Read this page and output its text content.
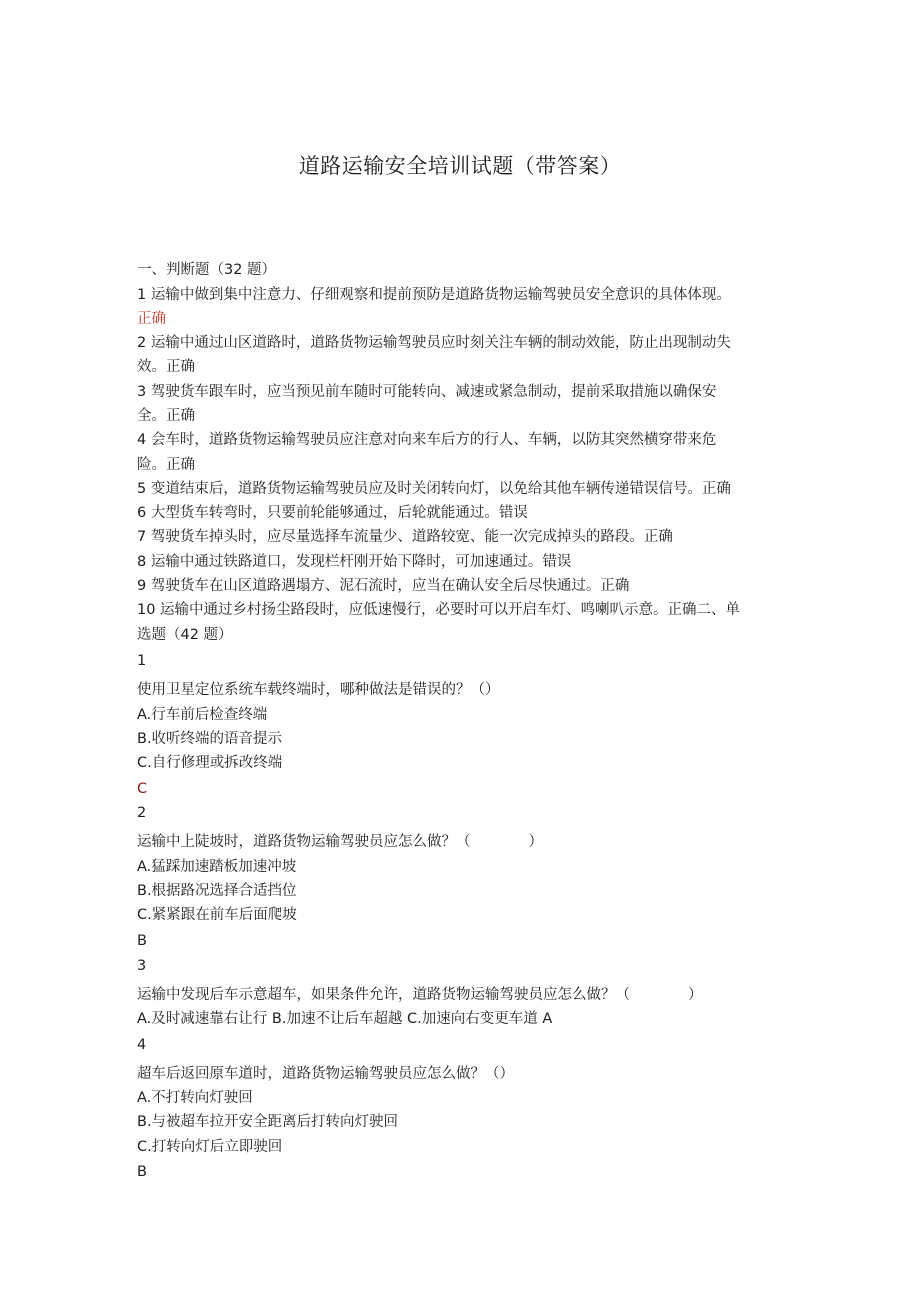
道路运输安全培训试题（带答案）
一、判断题（32 题）
1 运输中做到集中注意力、仔细观察和提前预防是道路货物运输驾驶员安全意识的具体体现。
正确
2 运输中通过山区道路时，道路货物运输驾驶员应时刻关注车辆的制动效能，防止出现制动失
效。正确
3 驾驶货车跟车时，应当预见前车随时可能转向、减速或紧急制动，提前采取措施以确保安
全。正确
4 会车时，道路货物运输驾驶员应注意对向来车后方的行人、车辆，以防其突然横穿带来危
险。正确
5 变道结束后，道路货物运输驾驶员应及时关闭转向灯，以免给其他车辆传递错误信号。正确
6 大型货车转弯时，只要前轮能够通过，后轮就能通过。错误
7 驾驶货车掉头时，应尽量选择车流量少、道路较宽、能一次完成掉头的路段。正确
8 运输中通过铁路道口，发现栏杆刚开始下降时，可加速通过。错误
9 驾驶货车在山区道路遇塌方、泥石流时，应当在确认安全后尽快通过。正确
10 运输中通过乡村扬尘路段时，应低速慢行，必要时可以开启车灯、鸣喇叭示意。正确二、单
选题（42 题）
1
使用卫星定位系统车载终端时，哪种做法是错误的？（）
A.行车前后检查终端
B.收听终端的语音提示
C.自行修理或拆改终端
C
2
运输中上陡坡时，道路货物运输驾驶员应怎么做？（　　　　）
A.猛踩加速踏板加速冲坡
B.根据路况选择合适挡位
C.紧紧跟在前车后面爬坡
B
3
运输中发现后车示意超车，如果条件允许，道路货物运输驾驶员应怎么做？（　　　　）
A.及时减速靠右让行 B.加速不让后车超越 C.加速向右变更车道 A
4
超车后返回原车道时，道路货物运输驾驶员应怎么做？（）
A.不打转向灯驶回
B.与被超车拉开安全距离后打转向灯驶回
C.打转向灯后立即驶回
B
